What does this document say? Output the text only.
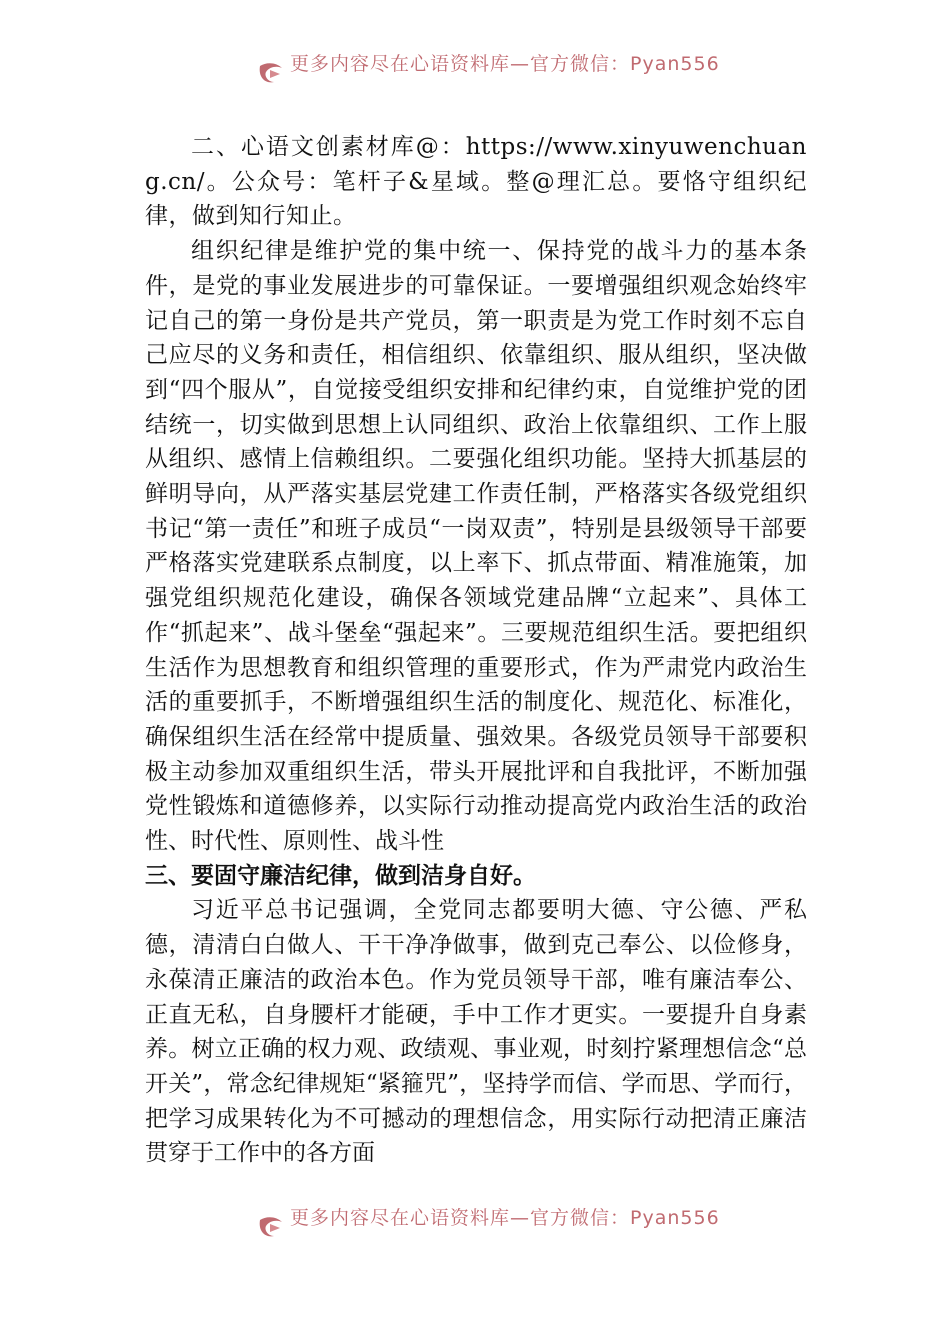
更多内容尽在心语资料库—官方微信：Pyan556

二、心语文创素材库@：https://www.xinyuwenchuang.cn/。公众号：笔杆子&星域。整@理汇总。要恪守组织纪律，做到知行知止。

组织纪律是维护党的集中统一、保持党的战斗力的基本条件，是党的事业发展进步的可靠保证。一要增强组织观念始终牢记自己的第一身份是共产党员，第一职责是为党工作时刻不忘自己应尽的义务和责任，相信组织、依靠组织、服从组织，坚决做到“四个服从”，自觉接受组织安排和纪律约束，自觉维护党的团结统一，切实做到思想上认同组织、政治上依靠组织、工作上服从组织、感情上信赖组织。二要强化组织功能。坚持大抓基层的鲜明导向，从严落实基层党建工作责任制，严格落实各级党组织书记“第一责任”和班子成员“一岗双责”，特别是县级领导干部要严格落实党建联系点制度，以上率下、抓点带面、精准施策，加强党组织规范化建设，确保各领域党建品牌“立起来”、具体工作“抓起来”、战斗堡垒“强起来”。三要规范组织生活。要把组织生活作为思想教育和组织管理的重要形式，作为严肃党内政治生活的重要抓手，不断增强组织生活的制度化、规范化、标准化，确保组织生活在经常中提质量、强效果。各级党员领导干部要积极主动参加双重组织生活，带头开展批评和自我批评，不断加强党性锻炼和道德修养，以实际行动推动提高党内政治生活的政治性、时代性、原则性、战斗性

三、要固守廉洁纪律，做到洁身自好。

习近平总书记强调，全党同志都要明大德、守公德、严私德，清清白白做人、干干净净做事，做到克己奉公、以俭修身，永葆清正廉洁的政治本色。作为党员领导干部，唯有廉洁奉公、正直无私，自身腰杆才能硬，手中工作才更实。一要提升自身素养。树立正确的权力观、政绩观、事业观，时刻拧紧理想信念“总开关”，常念纪律规矩“紧箍咒”，坚持学而信、学而思、学而行，把学习成果转化为不可撼动的理想信念，用实际行动把清正廉洁贯穿于工作中的各方面

更多内容尽在心语资料库—官方微信：Pyan556
